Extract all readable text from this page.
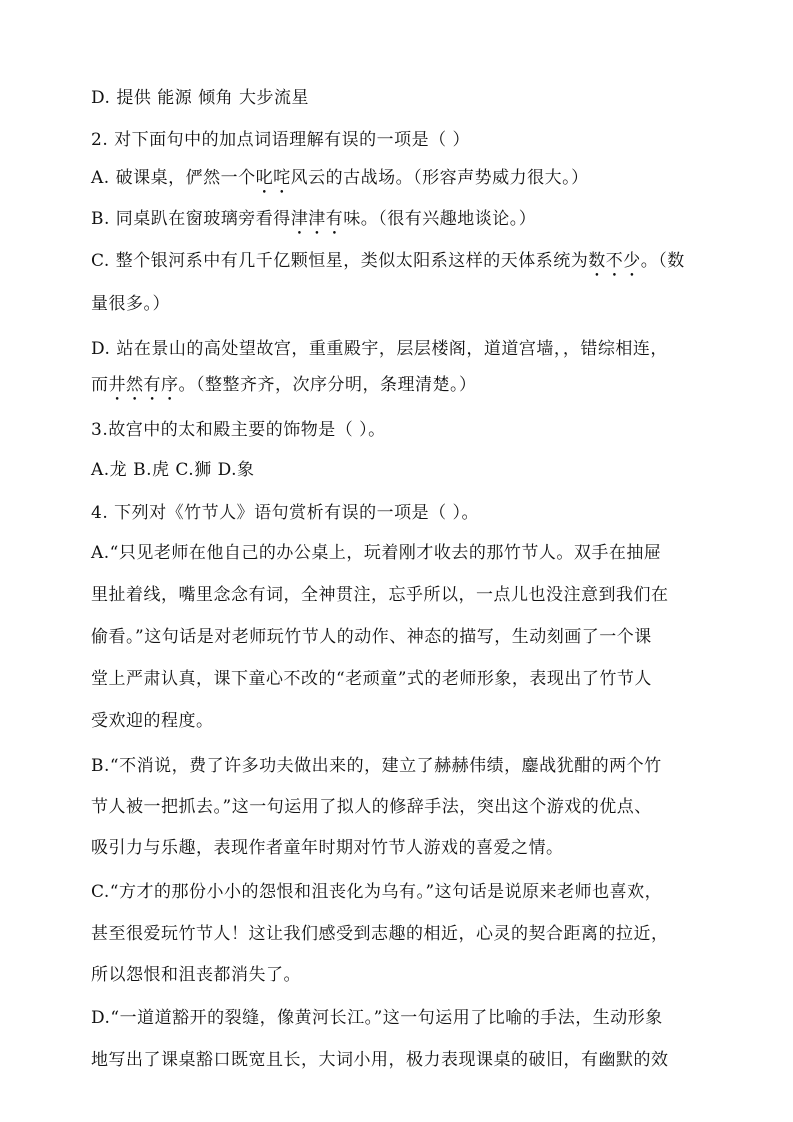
D. 提供 能源 倾角 大步流星
2. 对下面句中的加点词语理解有误的一项是（ ）
A. 破课桌，俨然一个叱咤风云的古战场。（形容声势威力很大。）
B. 同桌趴在窗玻璃旁看得津津有味。（很有兴趣地谈论。）
C. 整个银河系中有几千亿颗恒星，类似太阳系这样的天体系统为数不少。（数
量很多。）
D. 站在景山的高处望故宫，重重殿宇，层层楼阁，道道宫墙，，错综相连，
而井然有序。（整整齐齐，次序分明，条理清楚。）
3.故宫中的太和殿主要的饰物是（ ）。
A.龙 B.虎 C.狮 D.象
4. 下列对《竹节人》语句赏析有误的一项是（ ）。
A.“只见老师在他自己的办公桌上，玩着刚才收去的那竹节人。双手在抽屉
里扯着线，嘴里念念有词，全神贯注，忘乎所以，一点儿也没注意到我们在
偷看。”这句话是对老师玩竹节人的动作、神态的描写，生动刻画了一个课
堂上严肃认真，课下童心不改的“老顽童”式的老师形象，表现出了竹节人
受欢迎的程度。
B.“不消说，费了许多功夫做出来的，建立了赫赫伟绩，鏖战犹酣的两个竹
节人被一把抓去。”这一句运用了拟人的修辞手法，突出这个游戏的优点、
吸引力与乐趣，表现作者童年时期对竹节人游戏的喜爱之情。
C.“方才的那份小小的怨恨和沮丧化为乌有。”这句话是说原来老师也喜欢，
甚至很爱玩竹节人！这让我们感受到志趣的相近，心灵的契合距离的拉近，
所以怨恨和沮丧都消失了。
D.“一道道豁开的裂缝，像黄河长江。”这一句运用了比喻的手法，生动形象
地写出了课桌豁口既宽且长，大词小用，极力表现课桌的破旧，有幽默的效
